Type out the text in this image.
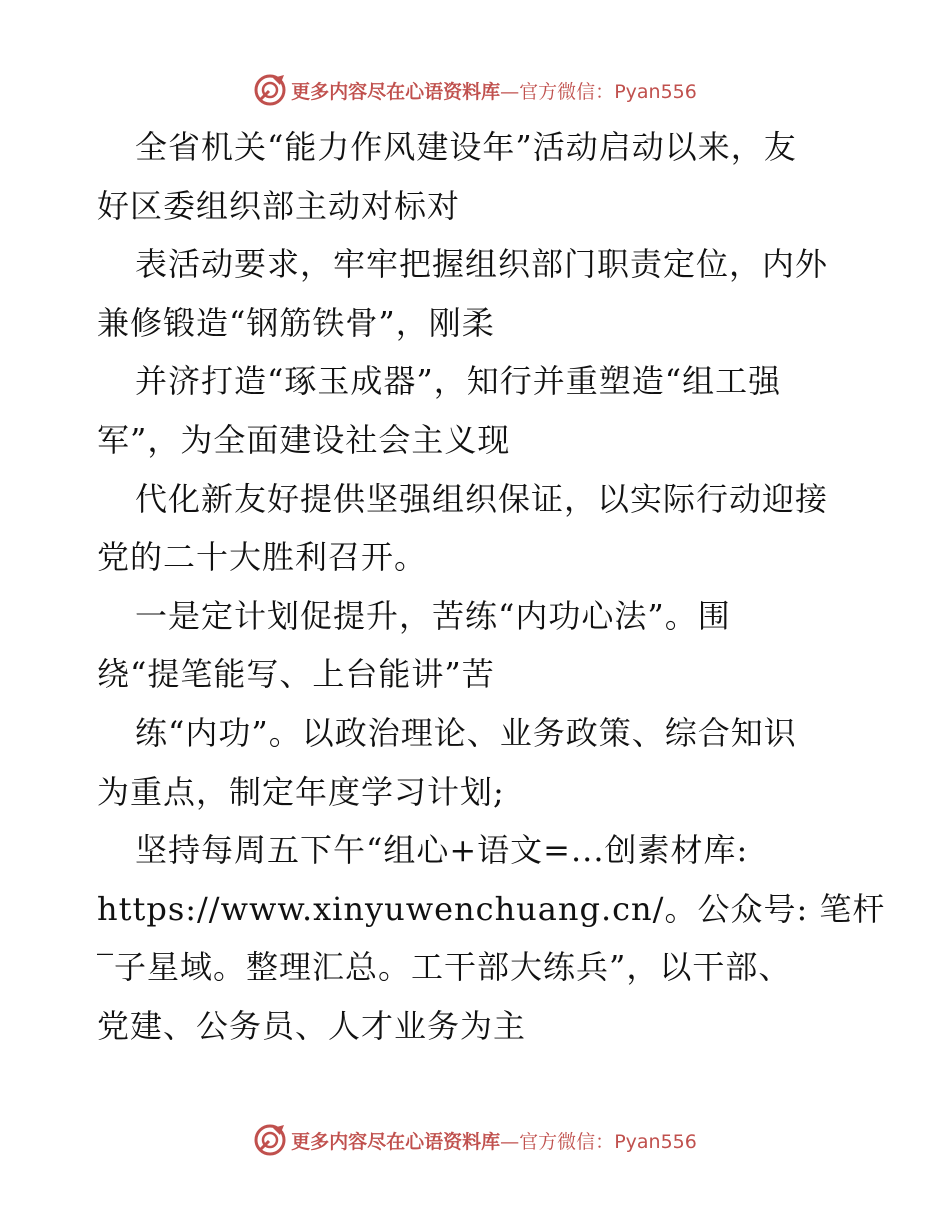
更多内容尽在心语资料库—官方微信：Pyan556
全省机关“能力作风建设年”活动启动以来，友
好区委组织部主动对标对
表活动要求，牢牢把握组织部门职责定位，内外
兼修锻造“钢筋铁骨”，刚柔
并济打造“琢玉成器”，知行并重塑造“组工强
军”，为全面建设社会主义现
代化新友好提供坚强组织保证，以实际行动迎接
党的二十大胜利召开。
一是定计划促提升，苦练“内功心法”。围
绕“提笔能写、上台能讲”苦
练“内功”。以政治理论、业务政策、综合知识
为重点，制定年度学习计划;
坚持每周五下午“组心+语文=...创素材库:
https://www.xinyuwenchuang.cn/。公众号: 笔杆
‾子星域。整理汇总。工干部大练兵”，以干部、
党建、公务员、人才业务为主
更多内容尽在心语资料库—官方微信：Pyan556
